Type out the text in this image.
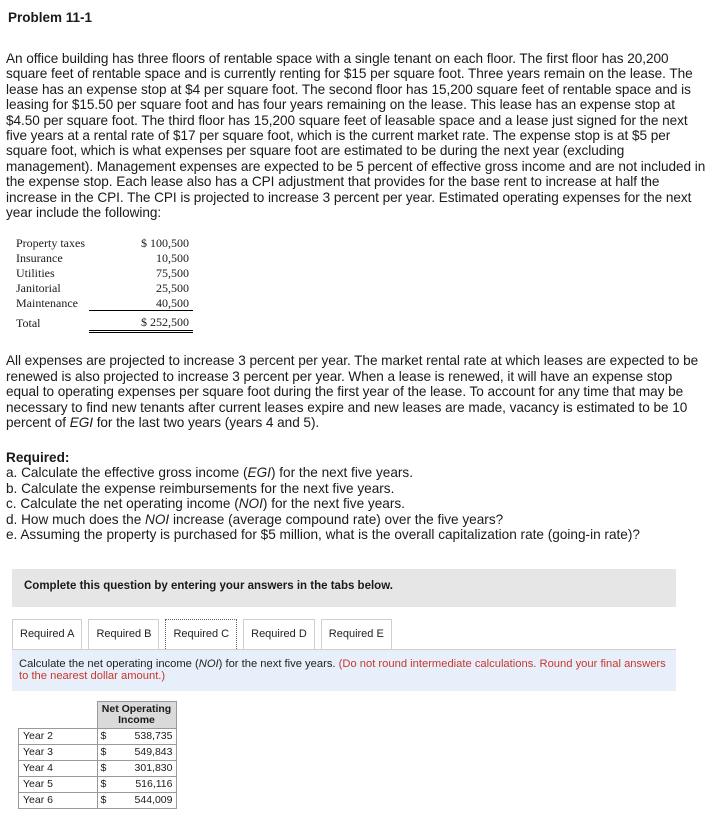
Problem 11-1

An office building has three floors of rentable space with a single tenant on each floor. The first floor has 20,200 square feet of rentable space and is currently renting for $15 per square foot. Three years remain on the lease. The lease has an expense stop at $4 per square foot. The second floor has 15,200 square feet of rentable space and is leasing for $15.50 per square foot and has four years remaining on the lease. This lease has an expense stop at $4.50 per square foot. The third floor has 15,200 square feet of leasable space and a lease just signed for the next five years at a rental rate of $17 per square foot, which is the current market rate. The expense stop is at $5 per square foot, which is what expenses per square foot are estimated to be during the next year (excluding management). Management expenses are expected to be 5 percent of effective gross income and are not included in the expense stop. Each lease also has a CPI adjustment that provides for the base rent to increase at half the increase in the CPI. The CPI is projected to increase 3 percent per year. Estimated operating expenses for the next year include the following:

Property taxes	$ 100,500
Insurance	10,500
Utilities	75,500
Janitorial	25,500
Maintenance	40,500
Total	$ 252,500

All expenses are projected to increase 3 percent per year. The market rental rate at which leases are expected to be renewed is also projected to increase 3 percent per year. When a lease is renewed, it will have an expense stop equal to operating expenses per square foot during the first year of the lease. To account for any time that may be necessary to find new tenants after current leases expire and new leases are made, vacancy is estimated to be 10 percent of EGI for the last two years (years 4 and 5).

Required:
a. Calculate the effective gross income (EGI) for the next five years.
b. Calculate the expense reimbursements for the next five years.
c. Calculate the net operating income (NOI) for the next five years.
d. How much does the NOI increase (average compound rate) over the five years?
e. Assuming the property is purchased for $5 million, what is the overall capitalization rate (going-in rate)?
Complete this question by entering your answers in the tabs below.
Required A	Required B	Required C	Required D	Required E
Calculate the net operating income (NOI) for the next five years. (Do not round intermediate calculations. Round your final answers to the nearest dollar amount.)
	Net Operating Income	
Year 2	$	538,735
Year 3	$	549,843
Year 4	$	301,830
Year 5	$	516,116
Year 6	$	544,009
